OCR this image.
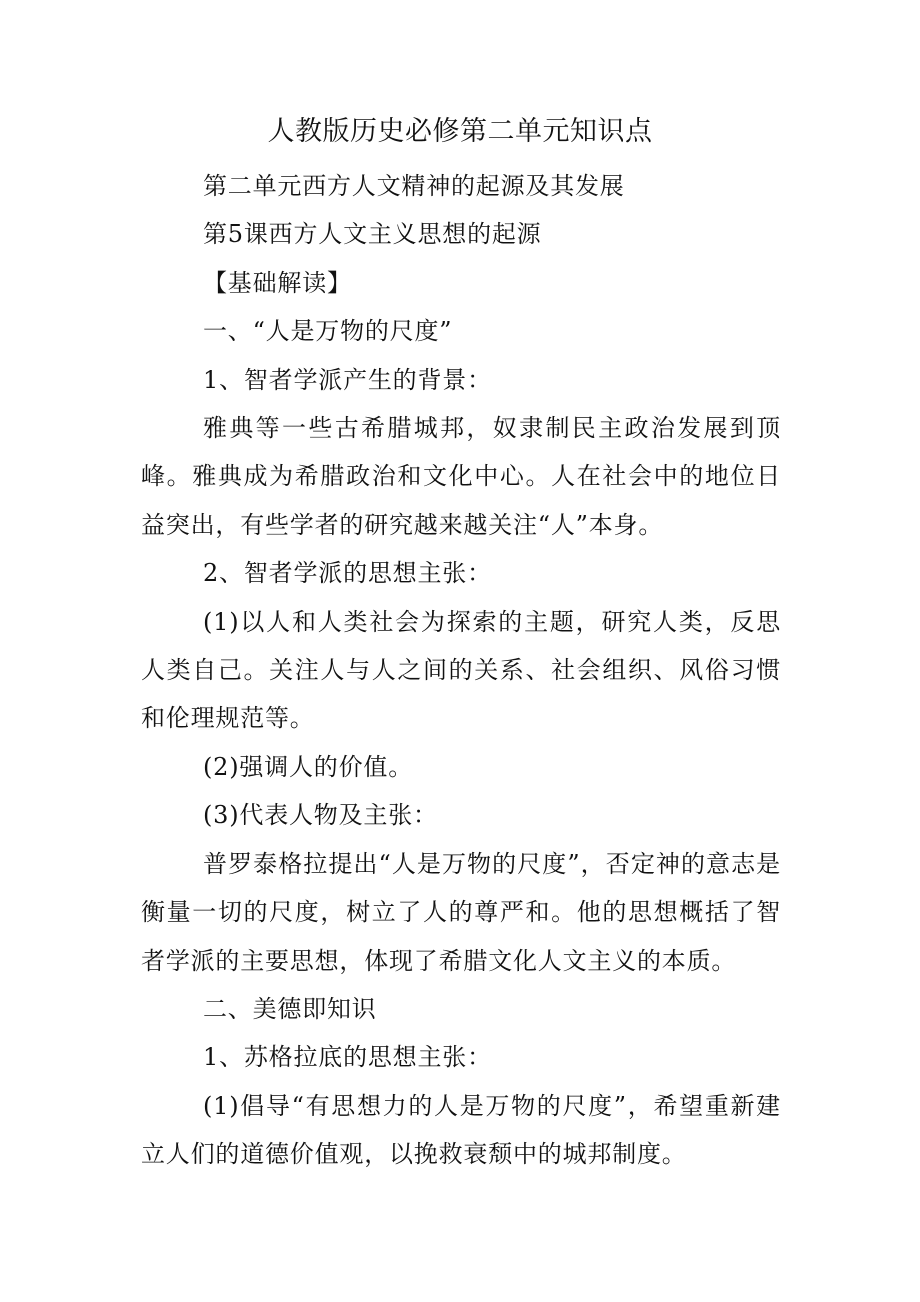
人教版历史必修第二单元知识点

第二单元西方人文精神的起源及其发展

第5课西方人文主义思想的起源

【基础解读】

一、“人是万物的尺度”

1、智者学派产生的背景：

雅典等一些古希腊城邦，奴隶制民主政治发展到顶峰。雅典成为希腊政治和文化中心。人在社会中的地位日益突出，有些学者的研究越来越关注“人”本身。

2、智者学派的思想主张：

(1)以人和人类社会为探索的主题，研究人类，反思人类自己。关注人与人之间的关系、社会组织、风俗习惯和伦理规范等。

(2)强调人的价值。

(3)代表人物及主张：

普罗泰格拉提出“人是万物的尺度”，否定神的意志是衡量一切的尺度，树立了人的尊严和。他的思想概括了智者学派的主要思想，体现了希腊文化人文主义的本质。

二、美德即知识

1、苏格拉底的思想主张：

(1)倡导“有思想力的人是万物的尺度”，希望重新建立人们的道德价值观，以挽救衰颓中的城邦制度。
